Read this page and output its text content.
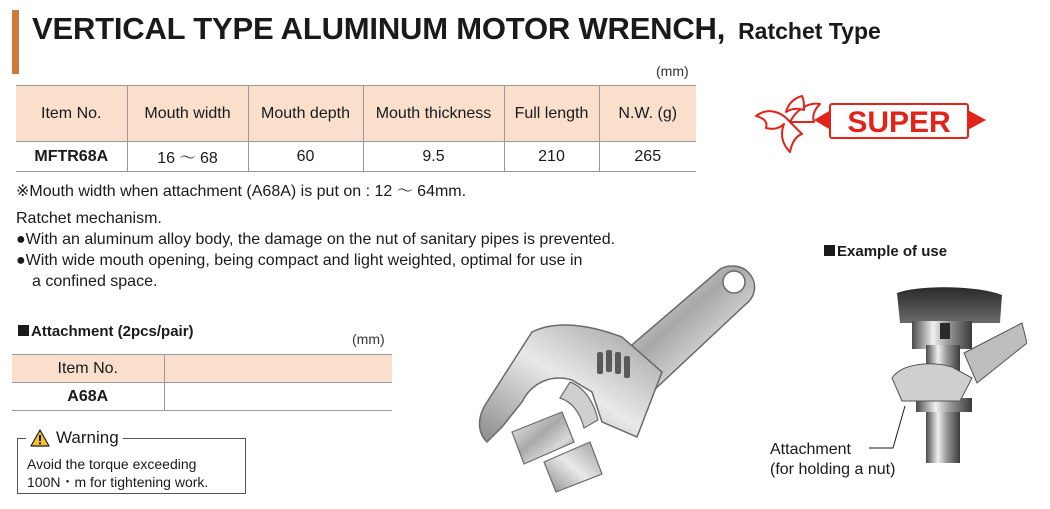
VERTICAL TYPE ALUMINUM MOTOR WRENCH, Ratchet Type
(mm)
Item No.	Mouth width	Mouth depth	Mouth thickness	Full length	N.W. (g)
MFTR68A	16 ～ 68	60	9.5	210	265

※Mouth width when attachment (A68A) is put on : 12 ～ 64mm.

Ratchet mechanism.

●With an aluminum alloy body, the damage on the nut of sanitary pipes is prevented.

●With wide mouth opening, being compact and light weighted, optimal for use in

a confined space.

Attachment (2pcs/pair)	(mm)
Item No.	
A68A	
Warning
Avoid the torque exceeding
100N・m for tightening work.
SUPER
Example of use
Attachment
(for holding a nut)
